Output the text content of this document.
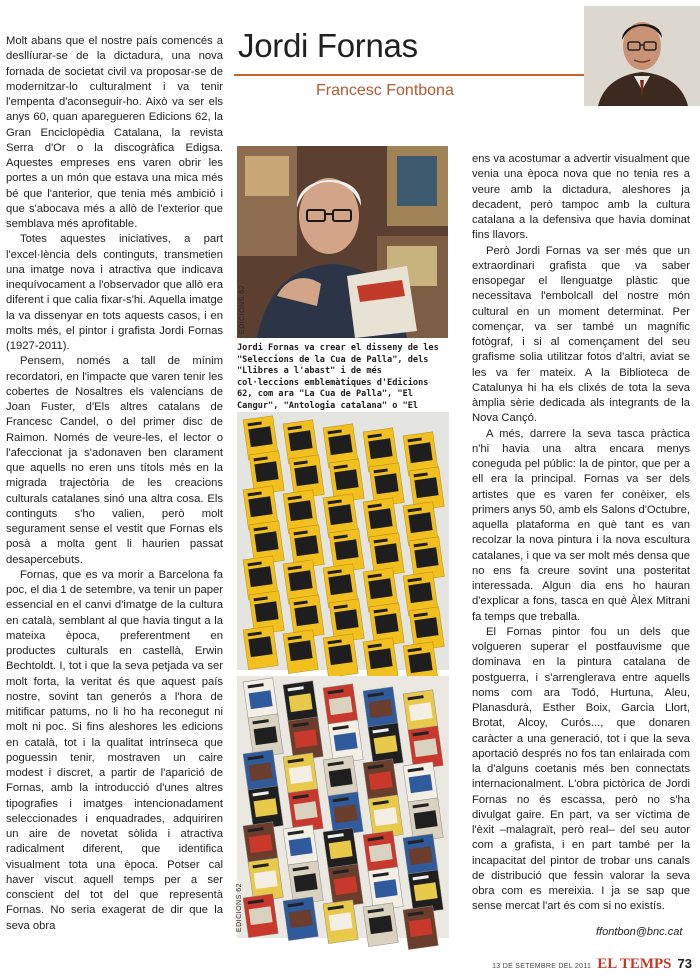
Jordi Fornas
Francesc Fontbona

Molt abans que el nostre país comencés a desllíurar-se de la dictadura, una nova fornada de societat civil va proposar-se de modernitzar-lo culturalment i va tenir l'empenta d'aconseguir-ho. Això va ser els anys 60, quan aparegueren Edicions 62, la Gran Enciclopèdia Catalana, la revista Serra d'Or o la discogràfica Edigsa. Aquestes empreses ens varen obrir les portes a un món que estava una mica més bé que l'anterior, que tenia més ambició i que s'abocava més a allò de l'exterior que semblava més aprofitable.

Totes aquestes iniciatives, a part l'excel·lència dels continguts, transmetien una imatge nova i atractiva que indicava inequívocament a l'observador que allò era diferent i que calia fixar-s'hi. Aquella imatge la va dissenyar en tots aquests casos, i en molts més, el pintor i grafista Jordi Fornas (1927-2011).

Pensem, només a tall de mínim recordatori, en l'impacte que varen tenir les cobertes de Nosaltres els valencians de Joan Fuster, d'Els altres catalans de Francesc Candel, o del primer disc de Raimon. Només de veure-les, el lector o l'afeccionat ja s'adonaven ben clarament que aquells no eren uns títols més en la migrada trajectòria de les creacions culturals catalanes sinó una altra cosa. Els continguts s'ho valien, però molt segurament sense el vestit que Fornas els posà a molta gent li haurien passat desapercebuts.

Fornas, que es va morir a Barcelona fa poc, el dia 1 de setembre, va tenir un paper essencial en el canvi d'imatge de la cultura en català, semblant al que havia tingut a la mateixa època, preferentment en productes culturals en castellà, Erwin Bechtoldt. I, tot i que la seva petjada va ser molt forta, la veritat és que aquest país nostre, sovint tan generós a l'hora de mitificar patums, no li ho ha reconegut ni molt ni poc. Si fins aleshores les edicions en català, tot i la qualitat intrínseca que poguessin tenir, mostraven un caire modest i discret, a partir de l'aparició de Fornas, amb la introducció d'unes altres tipografies i imatges intencionadament seleccionades i enquadrades, adquiriren un aire de novetat sòlida i atractiva radicalment diferent, que identifica visualment tota una època. Potser cal haver viscut aquell temps per a ser conscient del tot del que representà Fornas. No seria exagerat de dir que la seva obra

EDICIONS 62
Jordi Fornas va crear el disseny de les "Seleccions de la Cua de Palla", dels "Llibres a l'abast" i de més col·leccions emblemàtiques d'Edicions 62, com ara "La Cua de Palla", "El Cangur", "Antologia catalana" o "El
EDICIONS 62

ens va acostumar a advertir visualment que venia una època nova que no tenia res a veure amb la dictadura, aleshores ja decadent, però tampoc amb la cultura catalana a la defensiva que havia dominat fins llavors.

Però Jordi Fornas va ser més que un extraordinari grafista que va saber ensopegar el llenguatge plàstic que necessitava l'embolcall del nostre món cultural en un moment determinat. Per començar, va ser també un magnífic fotògraf, i si al començament del seu grafisme solia utilitzar fotos d'altri, aviat se les va fer mateix. A la Biblioteca de Catalunya hi ha els clixés de tota la seva àmplia sèrie dedicada als integrants de la Nova Cançó.

A més, darrere la seva tasca pràctica n'hi havia una altra encara menys coneguda pel públic: la de pintor, que per a ell era la principal. Fornas va ser dels artistes que es varen fer conèixer, els primers anys 50, amb els Salons d'Octubre, aquella plataforma en què tant es van recolzar la nova pintura i la nova escultura catalanes, i que va ser molt més densa que no ens fa creure sovint una posteritat interessada. Algun dia ens ho hauran d'explicar a fons, tasca en què Àlex Mitrani fa temps que treballa.

El Fornas pintor fou un dels que volgueren superar el postfauvisme que dominava en la pintura catalana de postguerra, i s'arrenglerava entre aquells noms com ara Todó, Hurtuna, Aleu, Planasdurà, Esther Boix, Garcia Llort, Brotat, Alcoy, Curós..., que donaren caràcter a una generació, tot i que la seva aportació després no fos tan enlairada com la d'alguns coetanis més ben connectats internacionalment. L'obra pictòrica de Jordi Fornas no és escassa, però no s'ha divulgat gaire. En part, va ser víctima de l'èxit –malagraït, però real– del seu autor com a grafista, i en part també per la incapacitat del pintor de trobar uns canals de distribució que fessin valorar la seva obra com es mereixia. I ja se sap que sense mercat l'art és com si no existís.

ffontbon@bnc.cat
13 DE SETEMBRE DEL 2011 EL TEMPS 73
